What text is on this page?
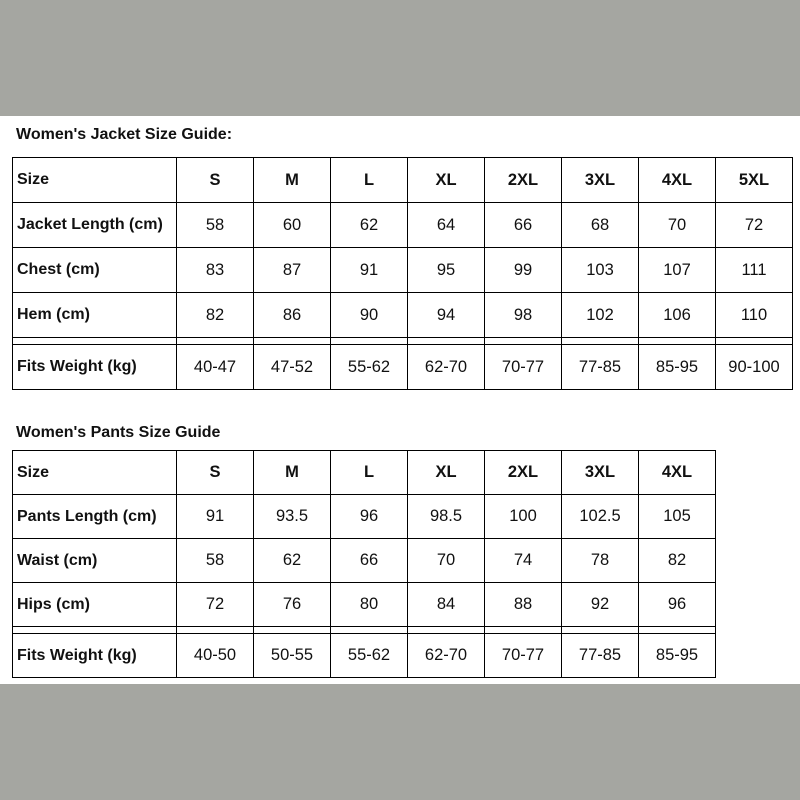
Women's Jacket Size Guide:
Size	S	M	L	XL	2XL	3XL	4XL	5XL
Jacket Length (cm)	58	60	62	64	66	68	70	72
Chest (cm)	83	87	91	95	99	103	107	111
Hem (cm)	82	86	90	94	98	102	106	110

Fits Weight (kg)	40-47	47-52	55-62	62-70	70-77	77-85	85-95	90-100
Women's Pants Size Guide
Size	S	M	L	XL	2XL	3XL	4XL
Pants Length (cm)	91	93.5	96	98.5	100	102.5	105
Waist (cm)	58	62	66	70	74	78	82
Hips (cm)	72	76	80	84	88	92	96

Fits Weight (kg)	40-50	50-55	55-62	62-70	70-77	77-85	85-95
